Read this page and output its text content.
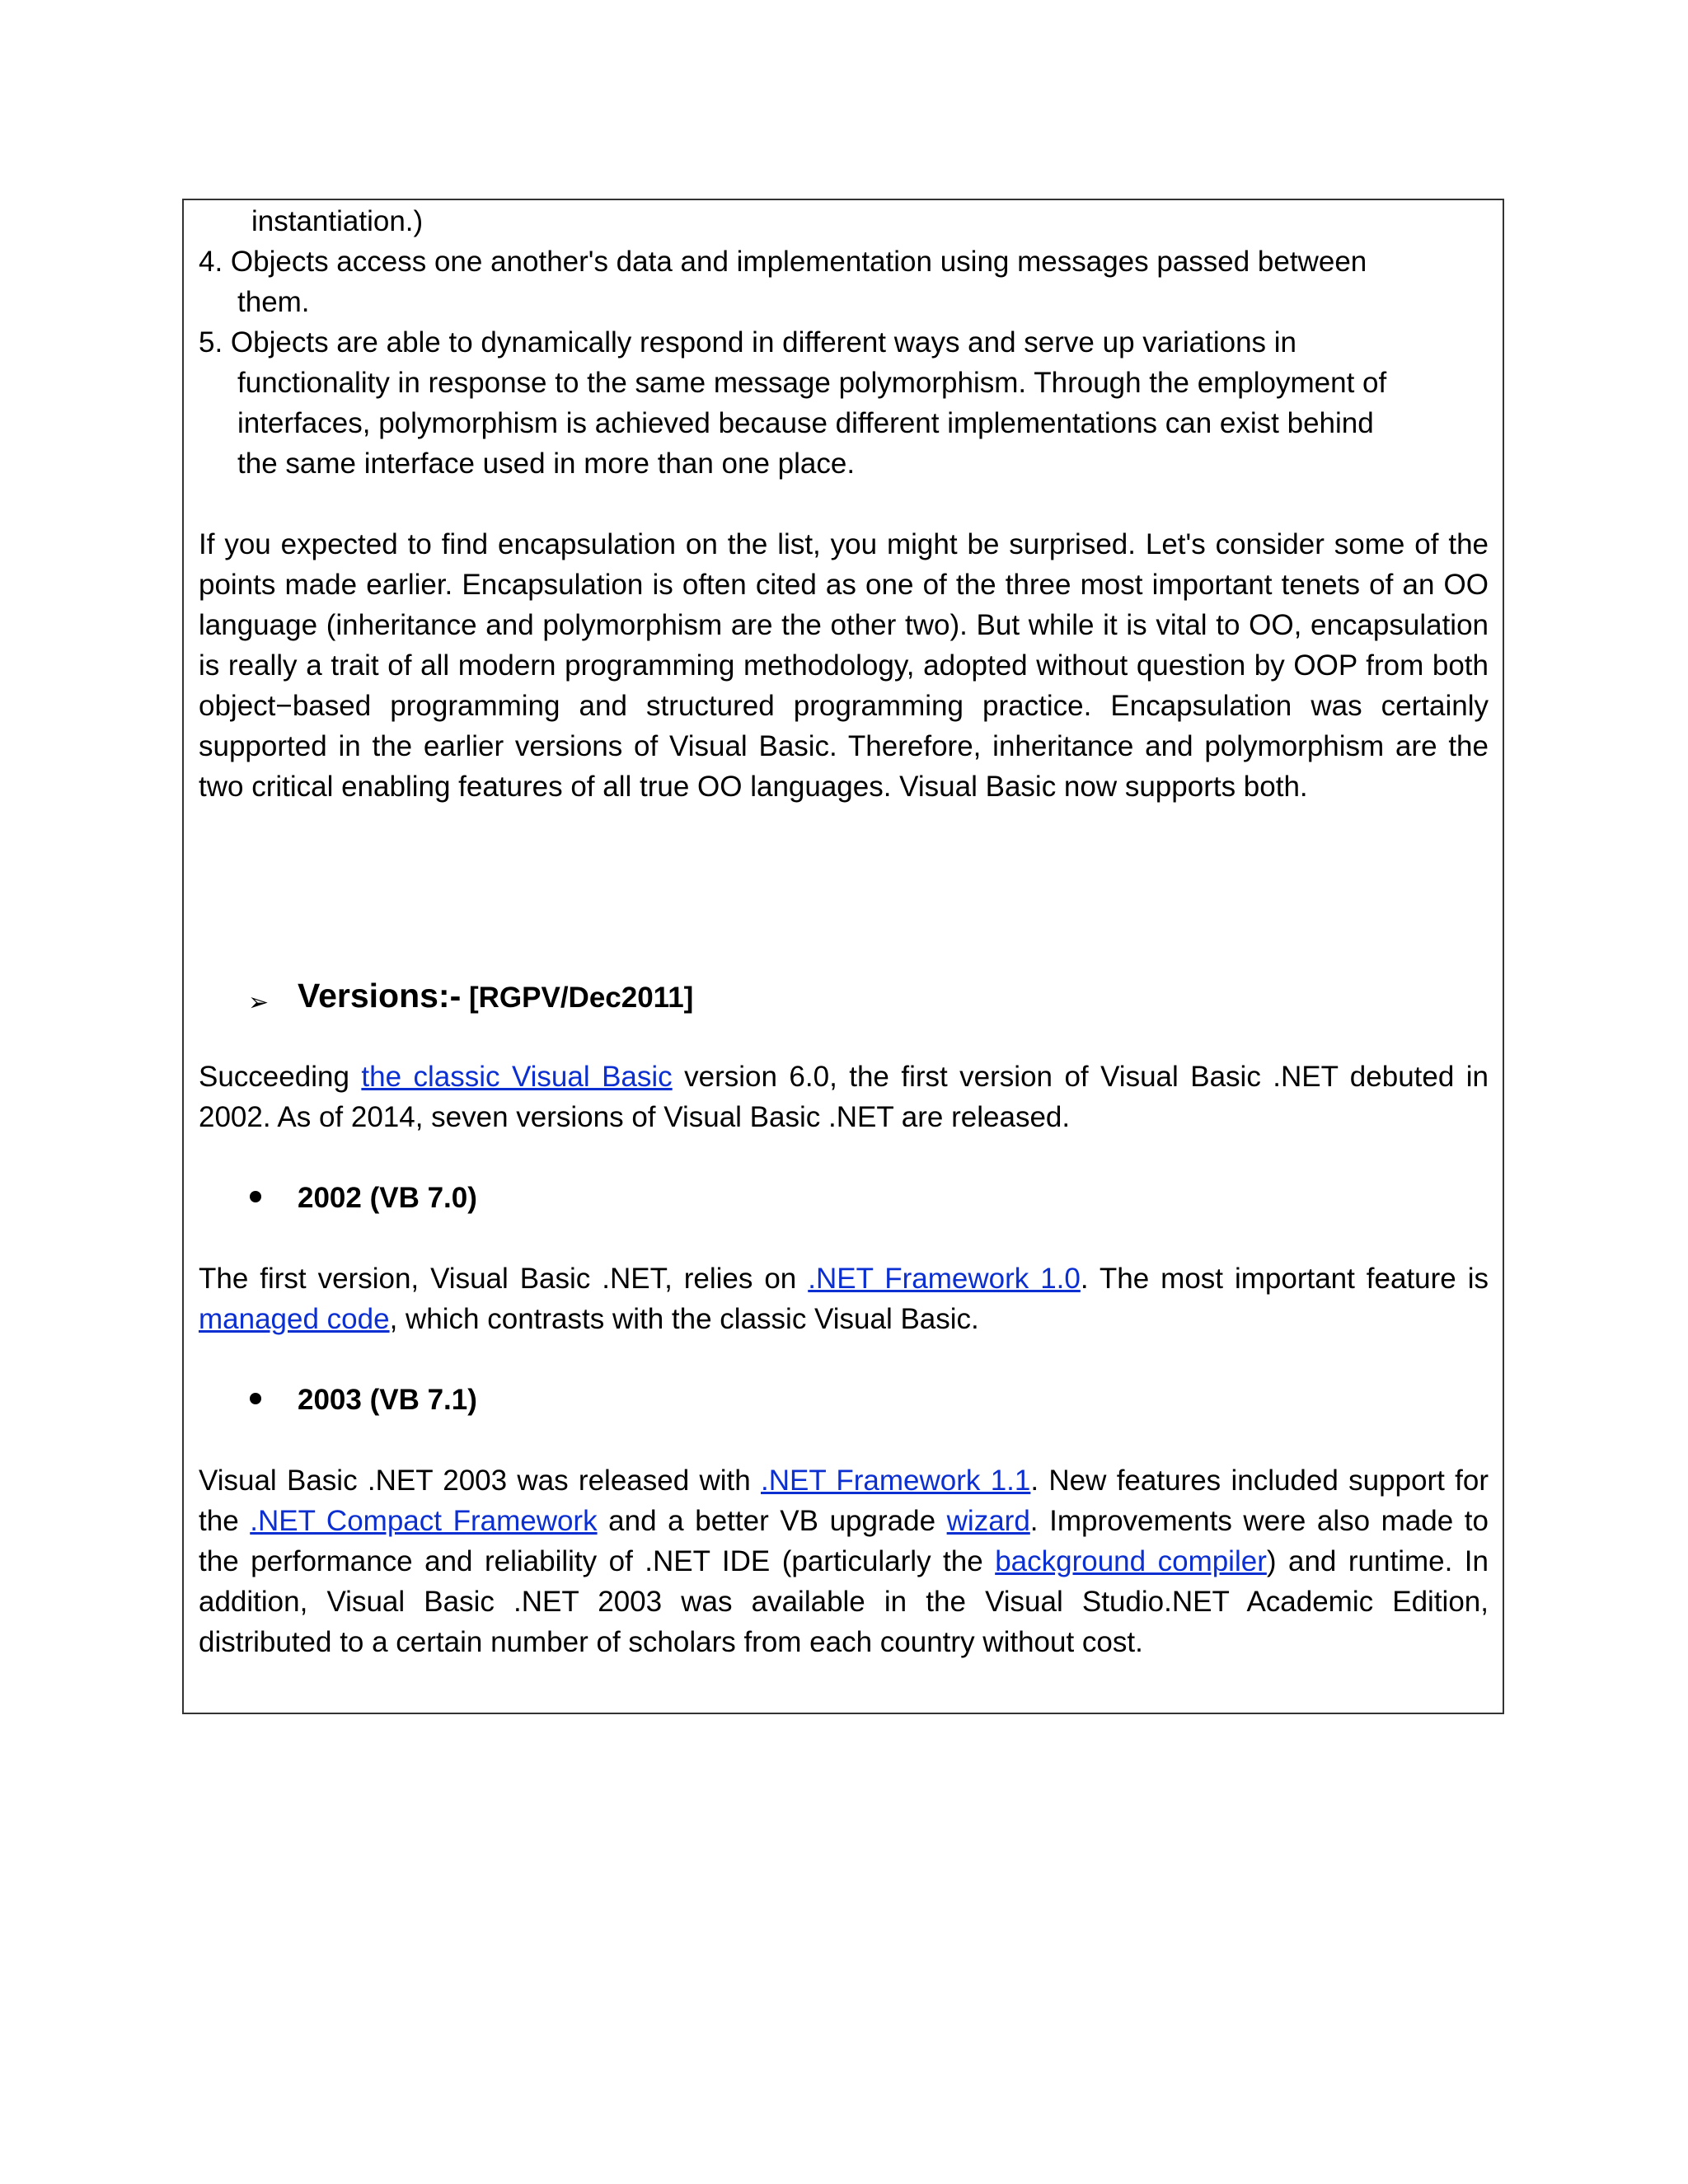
instantiation.)
4. Objects access one another's data and implementation using messages passed between
them.
5. Objects are able to dynamically respond in different ways and serve up variations in
functionality in response to the same message polymorphism. Through the employment of
interfaces, polymorphism is achieved because different implementations can exist behind
the same interface used in more than one place.

If you expected to find encapsulation on the list, you might be surprised. Let's consider some of the points made earlier. Encapsulation is often cited as one of the three most important tenets of an OO language (inheritance and polymorphism are the other two). But while it is vital to OO, encapsulation is really a trait of all modern programming methodology, adopted without question by OOP from both object−based programming and structured programming practice. Encapsulation was certainly supported in the earlier versions of Visual Basic. Therefore, inheritance and polymorphism are the two critical enabling features of all true OO languages. Visual Basic now supports both.

➢ Versions:- [RGPV/Dec2011]

Succeeding the classic Visual Basic version 6.0, the first version of Visual Basic .NET debuted in 2002. As of 2014, seven versions of Visual Basic .NET are released.

2002 (VB 7.0)

The first version, Visual Basic .NET, relies on .NET Framework 1.0. The most important feature is managed code, which contrasts with the classic Visual Basic.

2003 (VB 7.1)

Visual Basic .NET 2003 was released with .NET Framework 1.1. New features included support for the .NET Compact Framework and a better VB upgrade wizard. Improvements were also made to the performance and reliability of .NET IDE (particularly the background compiler) and runtime. In addition, Visual Basic .NET 2003 was available in the Visual Studio.NET Academic Edition, distributed to a certain number of scholars from each country without cost.
